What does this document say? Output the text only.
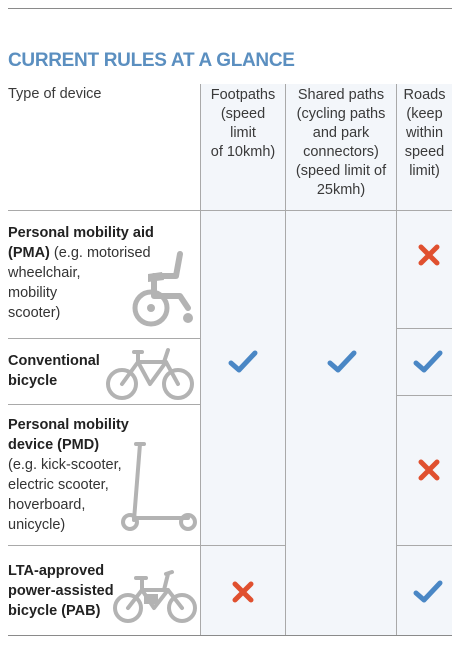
CURRENT RULES AT A GLANCE
Type of device	Footpaths
(speed
limit
of 10kmh)
Shared paths
(cycling paths
and park
connectors)
(speed limit of
25kmh)
Roads
(keep
within
speed
limit)
Personal mobility aid
(PMA) (e.g. motorised
wheelchair,
mobility
scooter)
Conventional
bicycle
Personal mobility
device (PMD)
(e.g. kick-scooter,
electric scooter,
hoverboard,
unicycle)
LTA-approved
power-assisted
bicycle (PAB)
